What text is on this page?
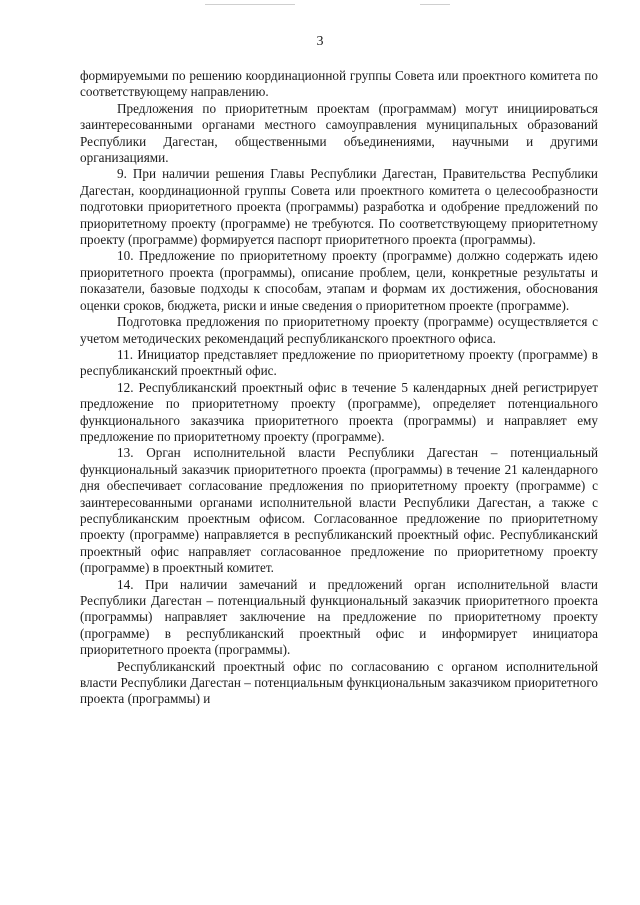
3

формируемыми по решению координационной группы Совета или проектного комитета по соответствующему направлению.

Предложения по приоритетным проектам (программам) могут инициироваться заинтересованными органами местного самоуправления муниципальных образований Республики Дагестан, общественными объединениями, научными и другими организациями.

9. При наличии решения Главы Республики Дагестан, Правительства Республики Дагестан, координационной группы Совета или проектного комитета о целесообразности подготовки приоритетного проекта (программы) разработка и одобрение предложений по приоритетному проекту (программе) не требуются. По соответствующему приоритетному проекту (программе) формируется паспорт приоритетного проекта (программы).

10. Предложение по приоритетному проекту (программе) должно содержать идею приоритетного проекта (программы), описание проблем, цели, конкретные результаты и показатели, базовые подходы к способам, этапам и формам их достижения, обоснования оценки сроков, бюджета, риски и иные сведения о приоритетном проекте (программе).

Подготовка предложения по приоритетному проекту (программе) осуществляется с учетом методических рекомендаций республиканского проектного офиса.

11. Инициатор представляет предложение по приоритетному проекту (программе) в республиканский проектный офис.

12. Республиканский проектный офис в течение 5 календарных дней регистрирует предложение по приоритетному проекту (программе), определяет потенциального функционального заказчика приоритетного проекта (программы) и направляет ему предложение по приоритетному проекту (программе).

13. Орган исполнительной власти Республики Дагестан – потенциальный функциональный заказчик приоритетного проекта (программы) в течение 21 календарного дня обеспечивает согласование предложения по приоритетному проекту (программе) с заинтересованными органами исполнительной власти Республики Дагестан, а также с республиканским проектным офисом. Согласованное предложение по приоритетному проекту (программе) направляется в республиканский проектный офис. Республиканский проектный офис направляет согласованное предложение по приоритетному проекту (программе) в проектный комитет.

14. При наличии замечаний и предложений орган исполнительной власти Республики Дагестан – потенциальный функциональный заказчик приоритетного проекта (программы) направляет заключение на предложение по приоритетному проекту (программе) в республиканский проектный офис и информирует инициатора приоритетного проекта (программы).

Республиканский проектный офис по согласованию с органом исполнительной власти Республики Дагестан – потенциальным функциональным заказчиком приоритетного проекта (программы) и
